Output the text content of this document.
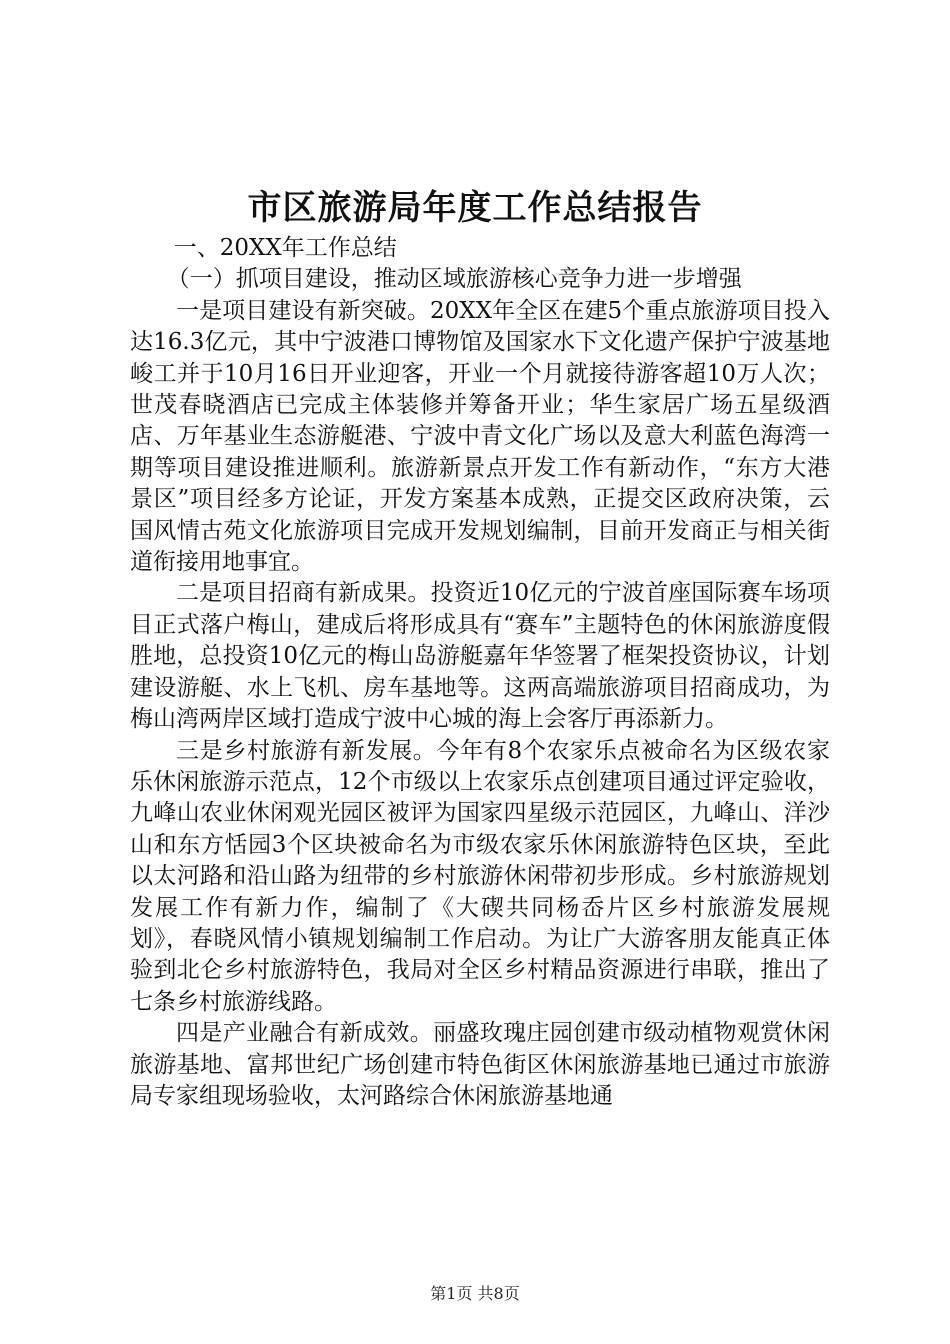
市区旅游局年度工作总结报告

一、20XX年工作总结

（一）抓项目建设，推动区域旅游核心竞争力进一步增强

一是项目建设有新突破。20XX年全区在建5个重点旅游项目投入达16.3亿元，其中宁波港口博物馆及国家水下文化遗产保护宁波基地峻工并于10月16日开业迎客，开业一个月就接待游客超10万人次；世茂春晓酒店已完成主体装修并筹备开业；华生家居广场五星级酒店、万年基业生态游艇港、宁波中青文化广场以及意大利蓝色海湾一期等项目建设推进顺利。旅游新景点开发工作有新动作，“东方大港景区”项目经多方论证，开发方案基本成熟，正提交区政府决策，云国风情古苑文化旅游项目完成开发规划编制，目前开发商正与相关街道衔接用地事宜。

二是项目招商有新成果。投资近10亿元的宁波首座国际赛车场项目正式落户梅山，建成后将形成具有“赛车”主题特色的休闲旅游度假胜地，总投资10亿元的梅山岛游艇嘉年华签署了框架投资协议，计划建设游艇、水上飞机、房车基地等。这两高端旅游项目招商成功，为梅山湾两岸区域打造成宁波中心城的海上会客厅再添新力。

三是乡村旅游有新发展。今年有8个农家乐点被命名为区级农家乐休闲旅游示范点，12个市级以上农家乐点创建项目通过评定验收，九峰山农业休闲观光园区被评为国家四星级示范园区，九峰山、洋沙山和东方恬园3个区块被命名为市级农家乐休闲旅游特色区块，至此以太河路和沿山路为纽带的乡村旅游休闲带初步形成。乡村旅游规划发展工作有新力作，编制了《大碶共同杨岙片区乡村旅游发展规划》，春晓风情小镇规划编制工作启动。为让广大游客朋友能真正体验到北仑乡村旅游特色，我局对全区乡村精品资源进行串联，推出了七条乡村旅游线路。

四是产业融合有新成效。丽盛玫瑰庄园创建市级动植物观赏休闲旅游基地、富邦世纪广场创建市特色街区休闲旅游基地已通过市旅游局专家组现场验收，太河路综合休闲旅游基地通

第1页 共8页
